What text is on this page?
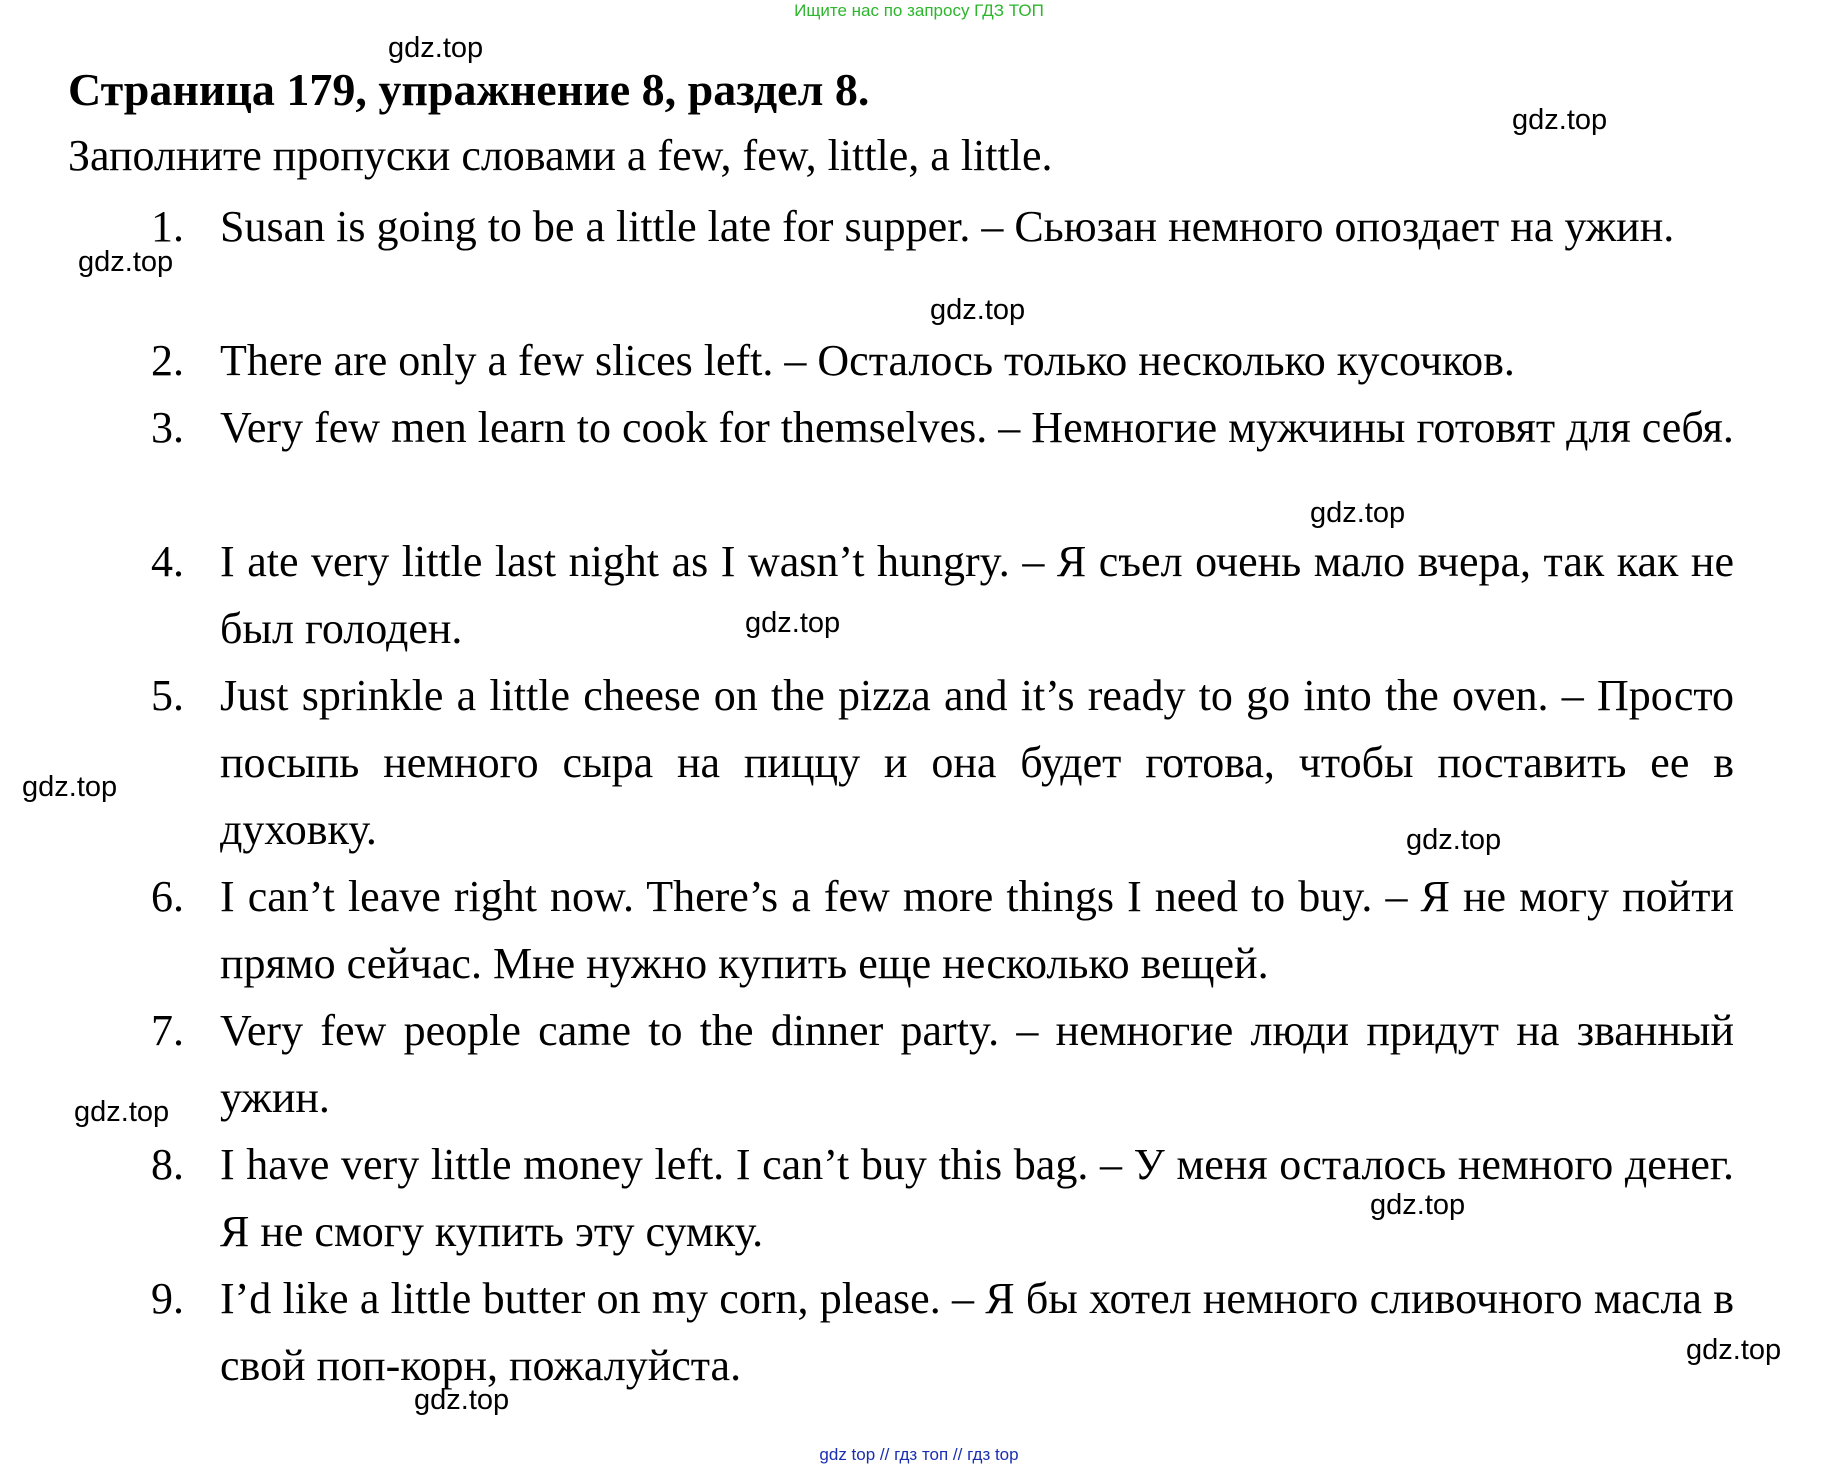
Ищите нас по запросу ГДЗ ТОП
Страница 179, упражнение 8, раздел 8.
Заполните пропуски словами a few, few, little, a little.
1. Susan is going to be a little late for supper. – Сьюзан немного опоздает на ужин.
2. There are only a few slices left. – Осталось только несколько кусочков.
3. Very few men learn to cook for themselves. – Немногие мужчины готовят для себя.
4. I ate very little last night as I wasn’t hungry. – Я съел очень мало вчера, так как не был голоден.
5. Just sprinkle a little cheese on the pizza and it’s ready to go into the oven. – Просто посыпь немного сыра на пиццу и она будет готова, чтобы поставить ее в духовку.
6. I can’t leave right now. There’s a few more things I need to buy. – Я не могу пойти прямо сейчас. Мне нужно купить еще несколько вещей.
7. Very few people came to the dinner party. – немногие люди придут на званный ужин.
8. I have very little money left. I can’t buy this bag. – У меня осталось немного денег. Я не смогу купить эту сумку.
9. I’d like a little butter on my corn, please. – Я бы хотел немного сливочного масла в свой поп-корн, пожалуйста.
gdz.top
gdz.top
gdz.top
gdz.top
gdz.top
gdz.top
gdz.top
gdz.top
gdz.top
gdz.top
gdz.top
gdz.top
gdz top // гдз топ // гдз top
